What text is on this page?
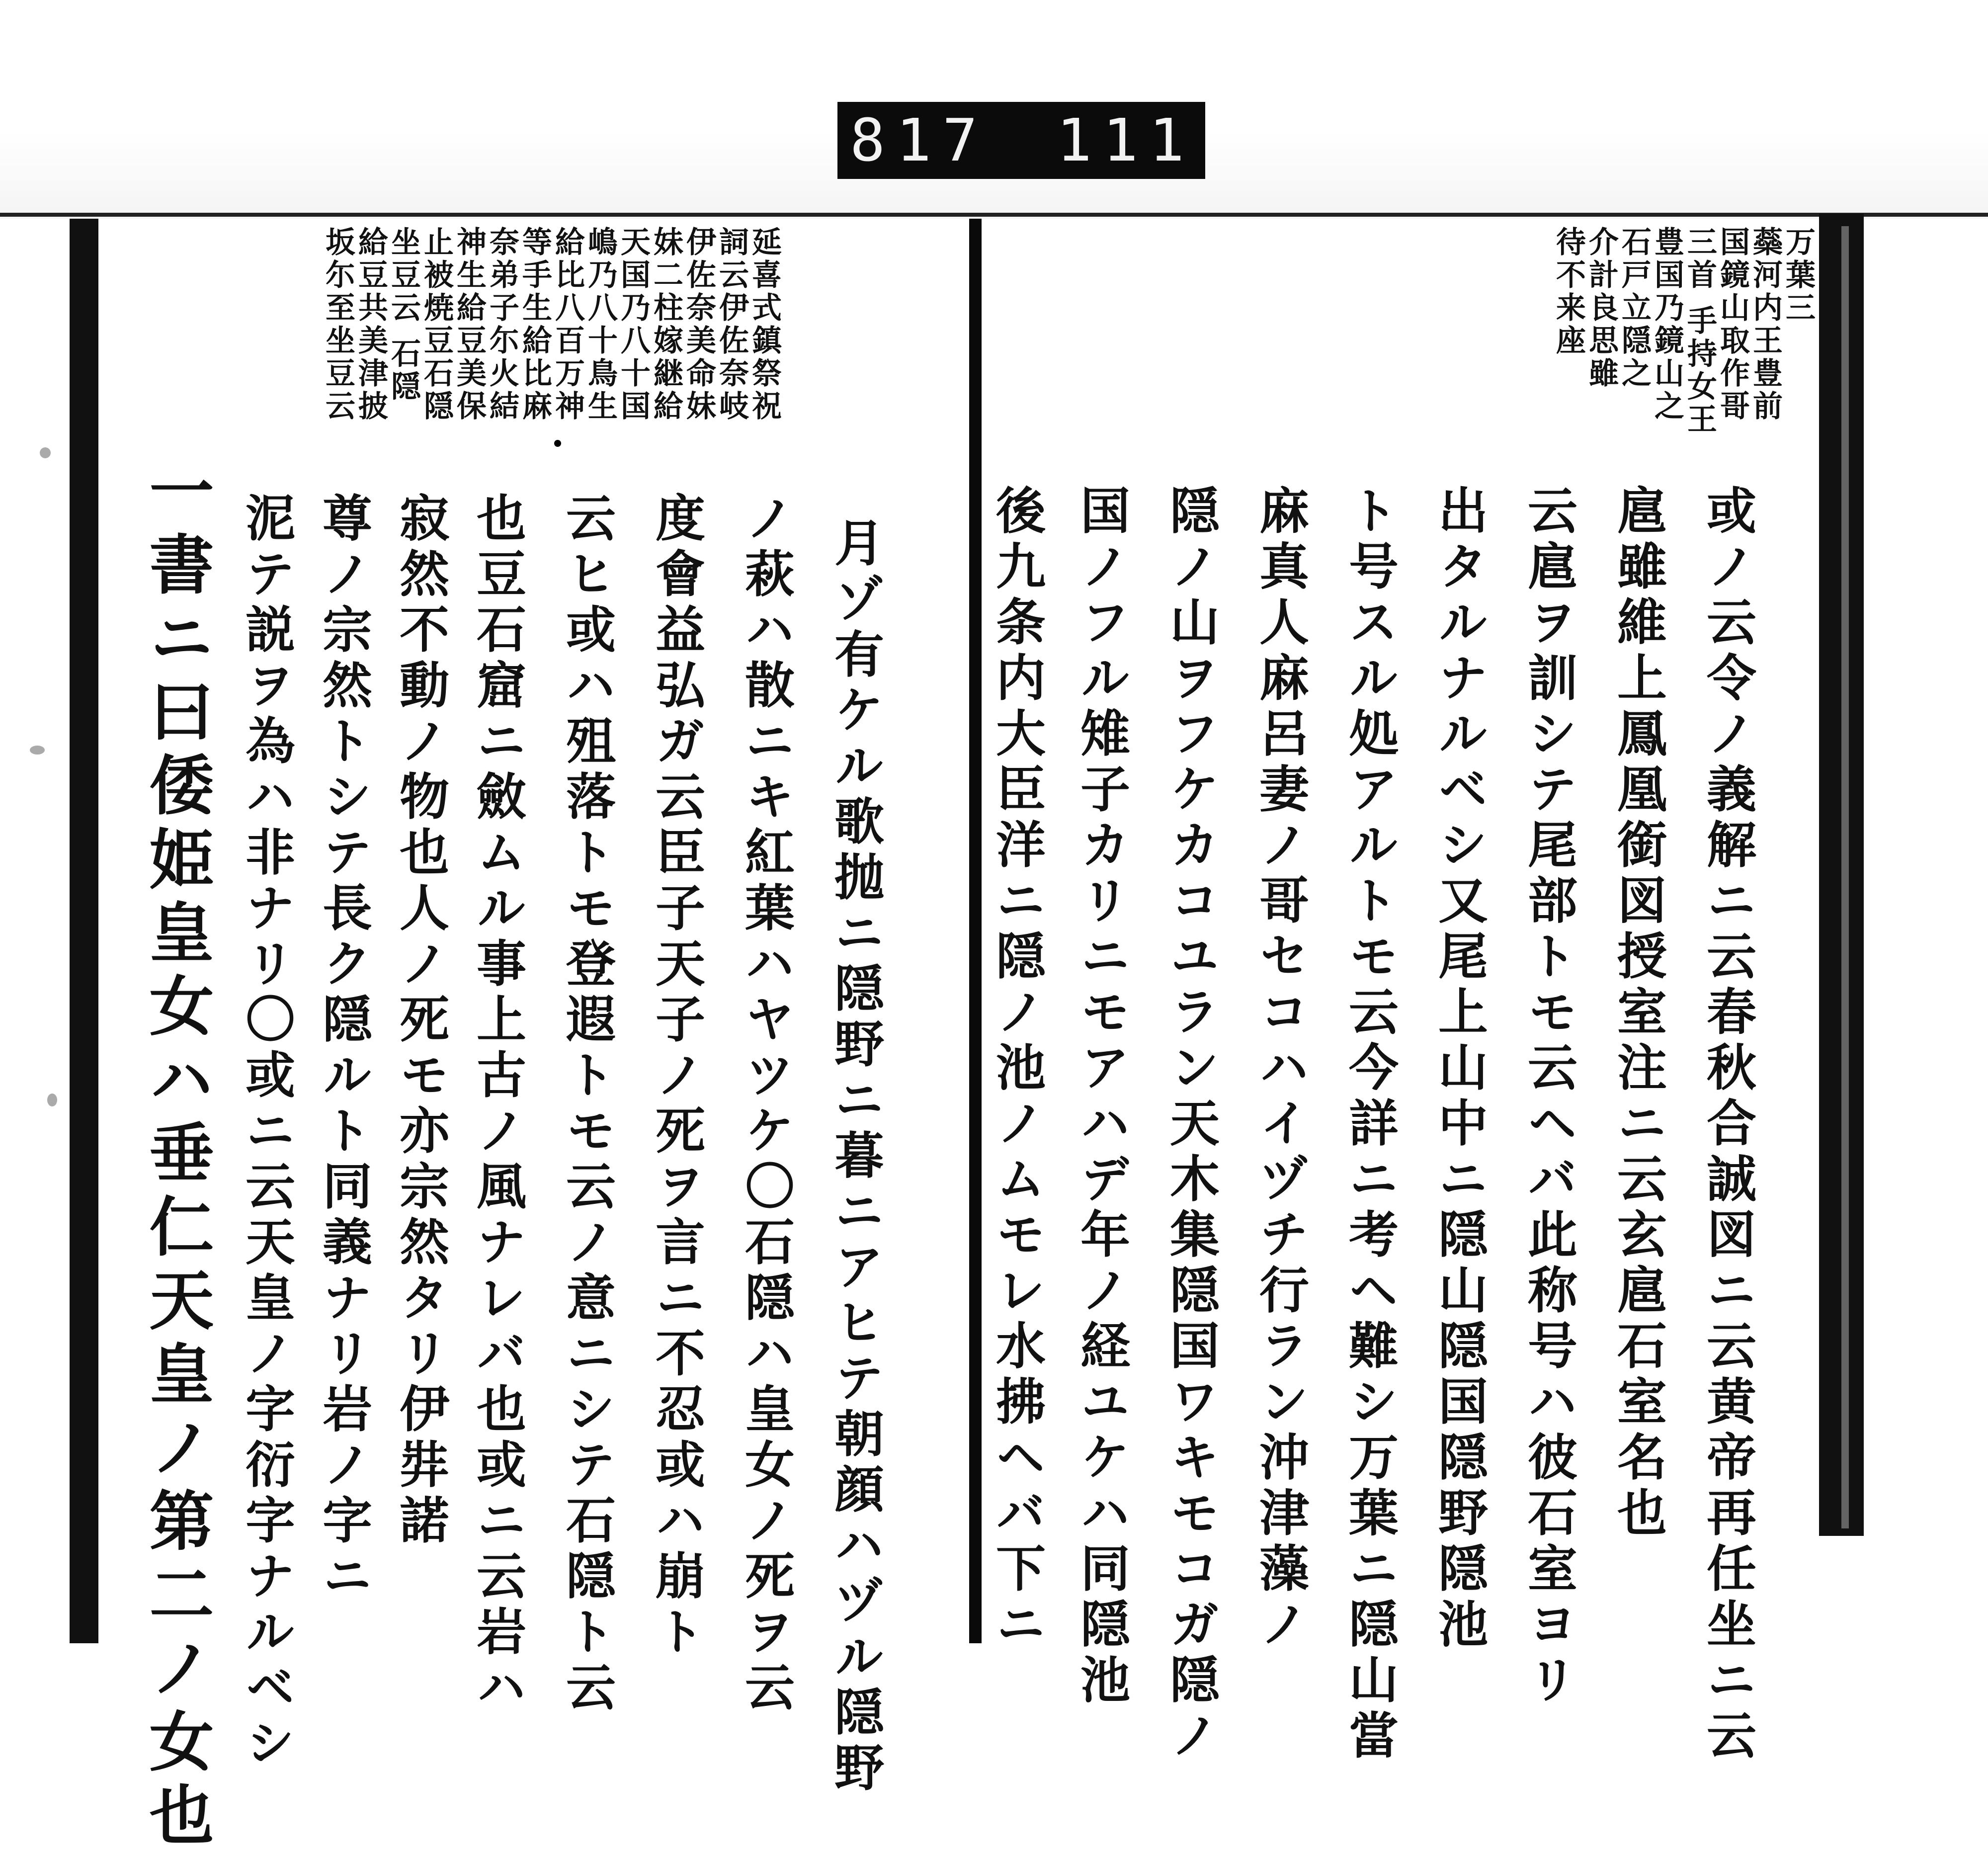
817 111
万葉三
蘂河内王豊前
国鏡山取作哥
三首 手持女王
豊国乃鏡山之
石戸立隠之
介計良思雖
待不来座
或ノ云令ノ義解ニ云春秋合誠図ニ云黄帝再任坐ニ云
扈雖維上鳳凰銜図授室注ニ云玄扈石室名也
云扈ヲ訓シテ尾部トモ云ヘバ此称号ハ彼石室ヨリ
出タルナルベシ又尾上山中ニ隠山隠国隠野隠池
ト号スル処アルトモ云今詳ニ考ヘ難シ万葉ニ隠山當
麻真人麻呂妻ノ哥セコハイヅチ行ラン沖津藻ノ
隠ノ山ヲフケカコユラン天木集隠国ワキモコガ隠ノ
国ノフル雉子カリニモアハデ年ノ経ユケハ同隠池
後九条内大臣洋ニ隠ノ池ノムモレ水拂ヘバ下ニ
延喜式鎮祭祝
詞云伊佐奈岐
伊佐奈美命妹
妹二柱嫁継給
天国乃八十国
嶋乃八十鳥生
給比八百万神
等手生給比麻
奈弟子尓火結
神生給豆美保
止被焼豆石隠
坐豆云 石隠
給豆共美津披
坂尓至坐豆云
月ゾ有ケル歌抛ニ隠野ニ暮ニアヒテ朝顔ハヅル隠野
ノ萩ハ散ニキ紅葉ハヤツケ〇石隠ハ皇女ノ死ヲ云
度會益弘ガ云臣子天子ノ死ヲ言ニ不忍或ハ崩ト
云ヒ或ハ殂落トモ登遐トモ云ノ意ニシテ石隠ト云
也豆石窟ニ斂ムル事上古ノ風ナレバ也或ニ云岩ハ
寂然不動ノ物也人ノ死モ亦宗然タリ伊弉諾
尊ノ宗然トシテ長ク隠ルト同義ナリ岩ノ字ニ
泥テ説ヲ為ハ非ナリ〇或ニ云天皇ノ字衍字ナルベシ
一書ニ曰倭姫皇女ハ垂仁天皇ノ第二ノ女也
